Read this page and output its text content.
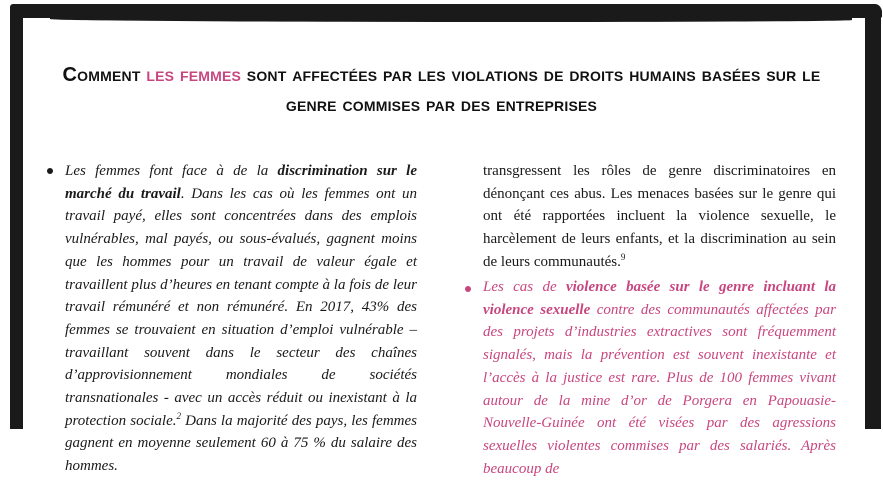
Comment les femmes sont affectées par les violations de droits humains basées sur le genre commises par des entreprises
Les femmes font face à de la discrimination sur le marché du travail. Dans les cas où les femmes ont un travail payé, elles sont concentrées dans des emplois vulnérables, mal payés, ou sous-évalués, gagnent moins que les hommes pour un travail de valeur égale et travaillent plus d’heures en tenant compte à la fois de leur travail rémunéré et non rémunéré. En 2017, 43% des femmes se trouvaient en situation d’emploi vulnérable – travaillant souvent dans le secteur des chaînes d’approvisionnement mondiales de sociétés transnationales - avec un accès réduit ou inexistant à la protection sociale.$^2$ Dans la majorité des pays, les femmes gagnent en moyenne seulement 60 à 75 % du salaire des hommes.
transgressent les rôles de genre discriminatoires en dénonçant ces abus. Les menaces basées sur le genre qui ont été rapportées incluent la violence sexuelle, le harcèlement de leurs enfants, et la discrimination au sein de leurs communautés.$^9$
Les cas de violence basée sur le genre incluant la violence sexuelle contre des communautés affectées par des projets d’industries extractives sont fréquemment signalés, mais la prévention est souvent inexistante et l’accès à la justice est rare. Plus de 100 femmes vivant autour de la mine d’or de Porgera en Papouasie-Nouvelle-Guinée ont été visées par des agressions sexuelles violentes commises par des salariés. Après beaucoup de
